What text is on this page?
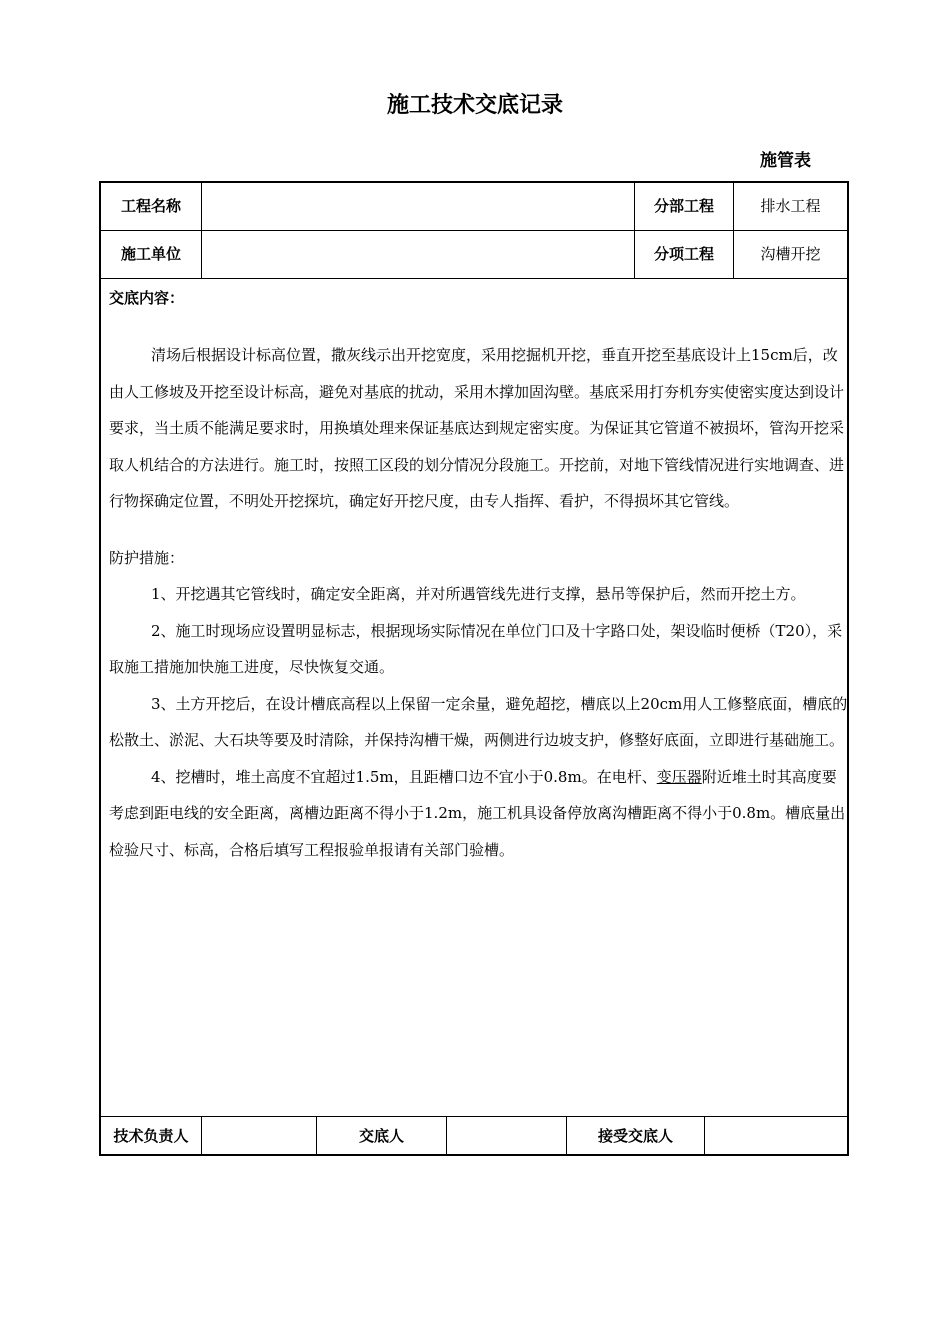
施工技术交底记录
施管表
工程名称	分部工程	排水工程
施工单位	分项工程	沟槽开挖
交底内容：

清场后根据设计标高位置，撒灰线示出开挖宽度，采用挖掘机开挖，垂直开挖至基底设计上15cm后，改由人工修坡及开挖至设计标高，避免对基底的扰动，采用木撑加固沟壁。基底采用打夯机夯实使密实度达到设计要求，当土质不能满足要求时，用换填处理来保证基底达到规定密实度。为保证其它管道不被损坏，管沟开挖采取人机结合的方法进行。施工时，按照工区段的划分情况分段施工。开挖前，对地下管线情况进行实地调查、进行物探确定位置，不明处开挖探坑，确定好开挖尺度，由专人指挥、看护，不得损坏其它管线。

防护措施：

1、开挖遇其它管线时，确定安全距离，并对所遇管线先进行支撑，悬吊等保护后，然而开挖土方。

2、施工时现场应设置明显标志，根据现场实际情况在单位门口及十字路口处，架设临时便桥（T20），采取施工措施加快施工进度，尽快恢复交通。

3、土方开挖后，在设计槽底高程以上保留一定余量，避免超挖，槽底以上20cm用人工修整底面，槽底的松散土、淤泥、大石块等要及时清除，并保持沟槽干燥，两侧进行边坡支护，修整好底面，立即进行基础施工。

4、挖槽时，堆土高度不宜超过1.5m，且距槽口边不宜小于0.8m。在电杆、变压器附近堆土时其高度要考虑到距电线的安全距离，离槽边距离不得小于1.2m，施工机具设备停放离沟槽距离不得小于0.8m。槽底量出检验尺寸、标高，合格后填写工程报验单报请有关部门验槽。

技术负责人	交底人	接受交底人
